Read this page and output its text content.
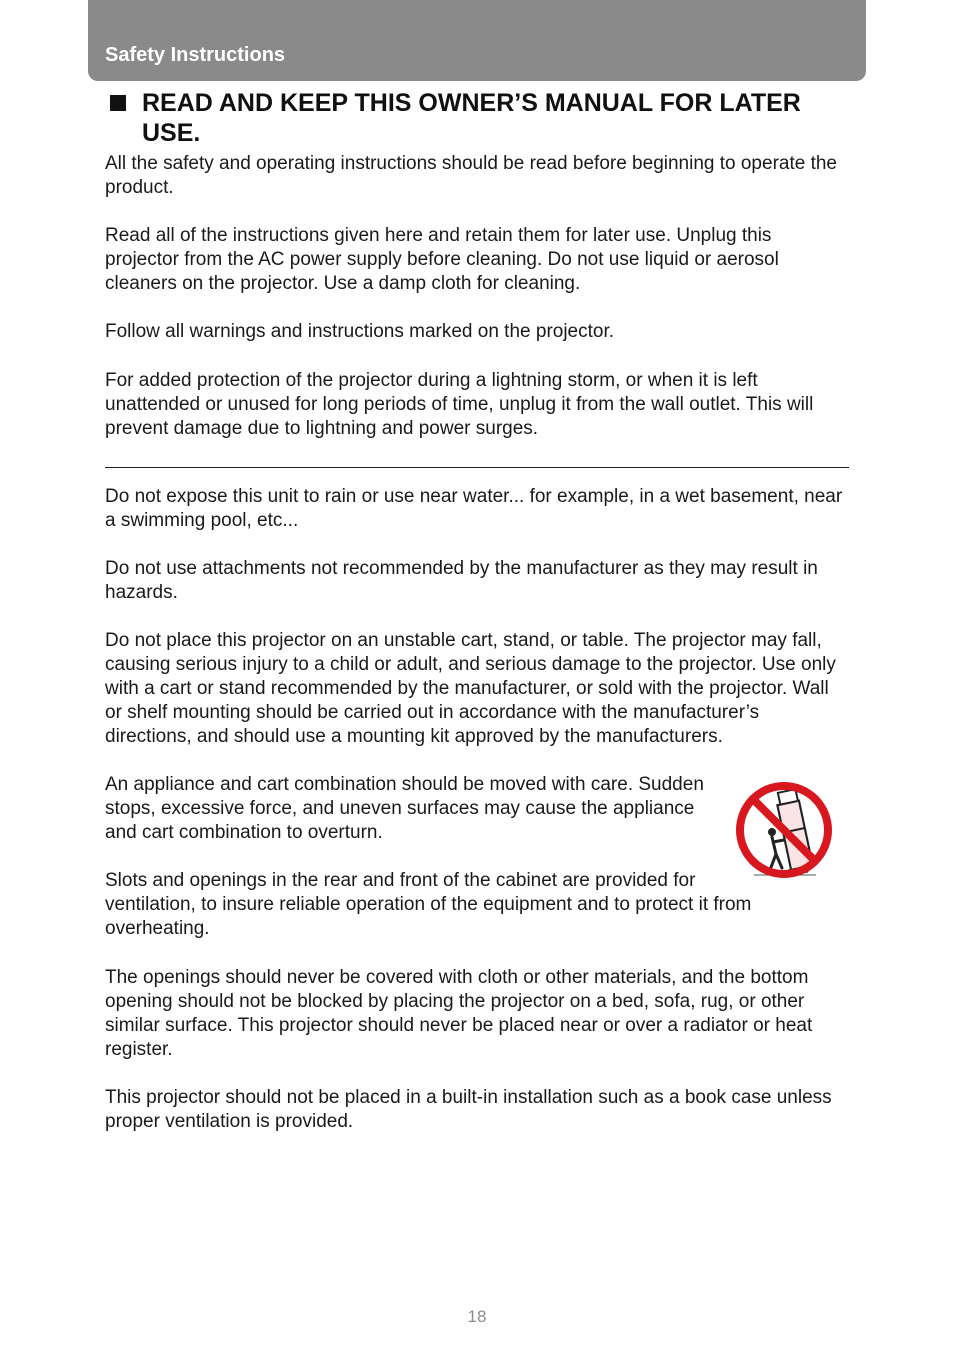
Safety Instructions
READ AND KEEP THIS OWNER’S MANUAL FOR LATER USE.

All the safety and operating instructions should be read before beginning to operate the product.

Read all of the instructions given here and retain them for later use. Unplug this projector from the AC power supply before cleaning. Do not use liquid or aerosol cleaners on the projector. Use a damp cloth for cleaning.

Follow all warnings and instructions marked on the projector.

For added protection of the projector during a lightning storm, or when it is left unattended or unused for long periods of time, unplug it from the wall outlet. This will prevent damage due to lightning and power surges.

Do not expose this unit to rain or use near water... for example, in a wet basement, near a swimming pool, etc...

Do not use attachments not recommended by the manufacturer as they may result in hazards.

Do not place this projector on an unstable cart, stand, or table. The projector may fall, causing serious injury to a child or adult, and serious damage to the projector. Use only with a cart or stand recommended by the manufacturer, or sold with the projector. Wall or shelf mounting should be carried out in accordance with the manufacturer’s directions, and should use a mounting kit approved by the manufacturers.

An appliance and cart combination should be moved with care. Sudden stops, excessive force, and uneven surfaces may cause the appliance and cart combination to overturn.

Slots and openings in the rear and front of the cabinet are provided for ventilation, to insure reliable operation of the equipment and to protect it from overheating.

The openings should never be covered with cloth or other materials, and the bottom opening should not be blocked by placing the projector on a bed, sofa, rug, or other similar surface. This projector should never be placed near or over a radiator or heat register.

This projector should not be placed in a built-in installation such as a book case unless proper ventilation is provided.

18
